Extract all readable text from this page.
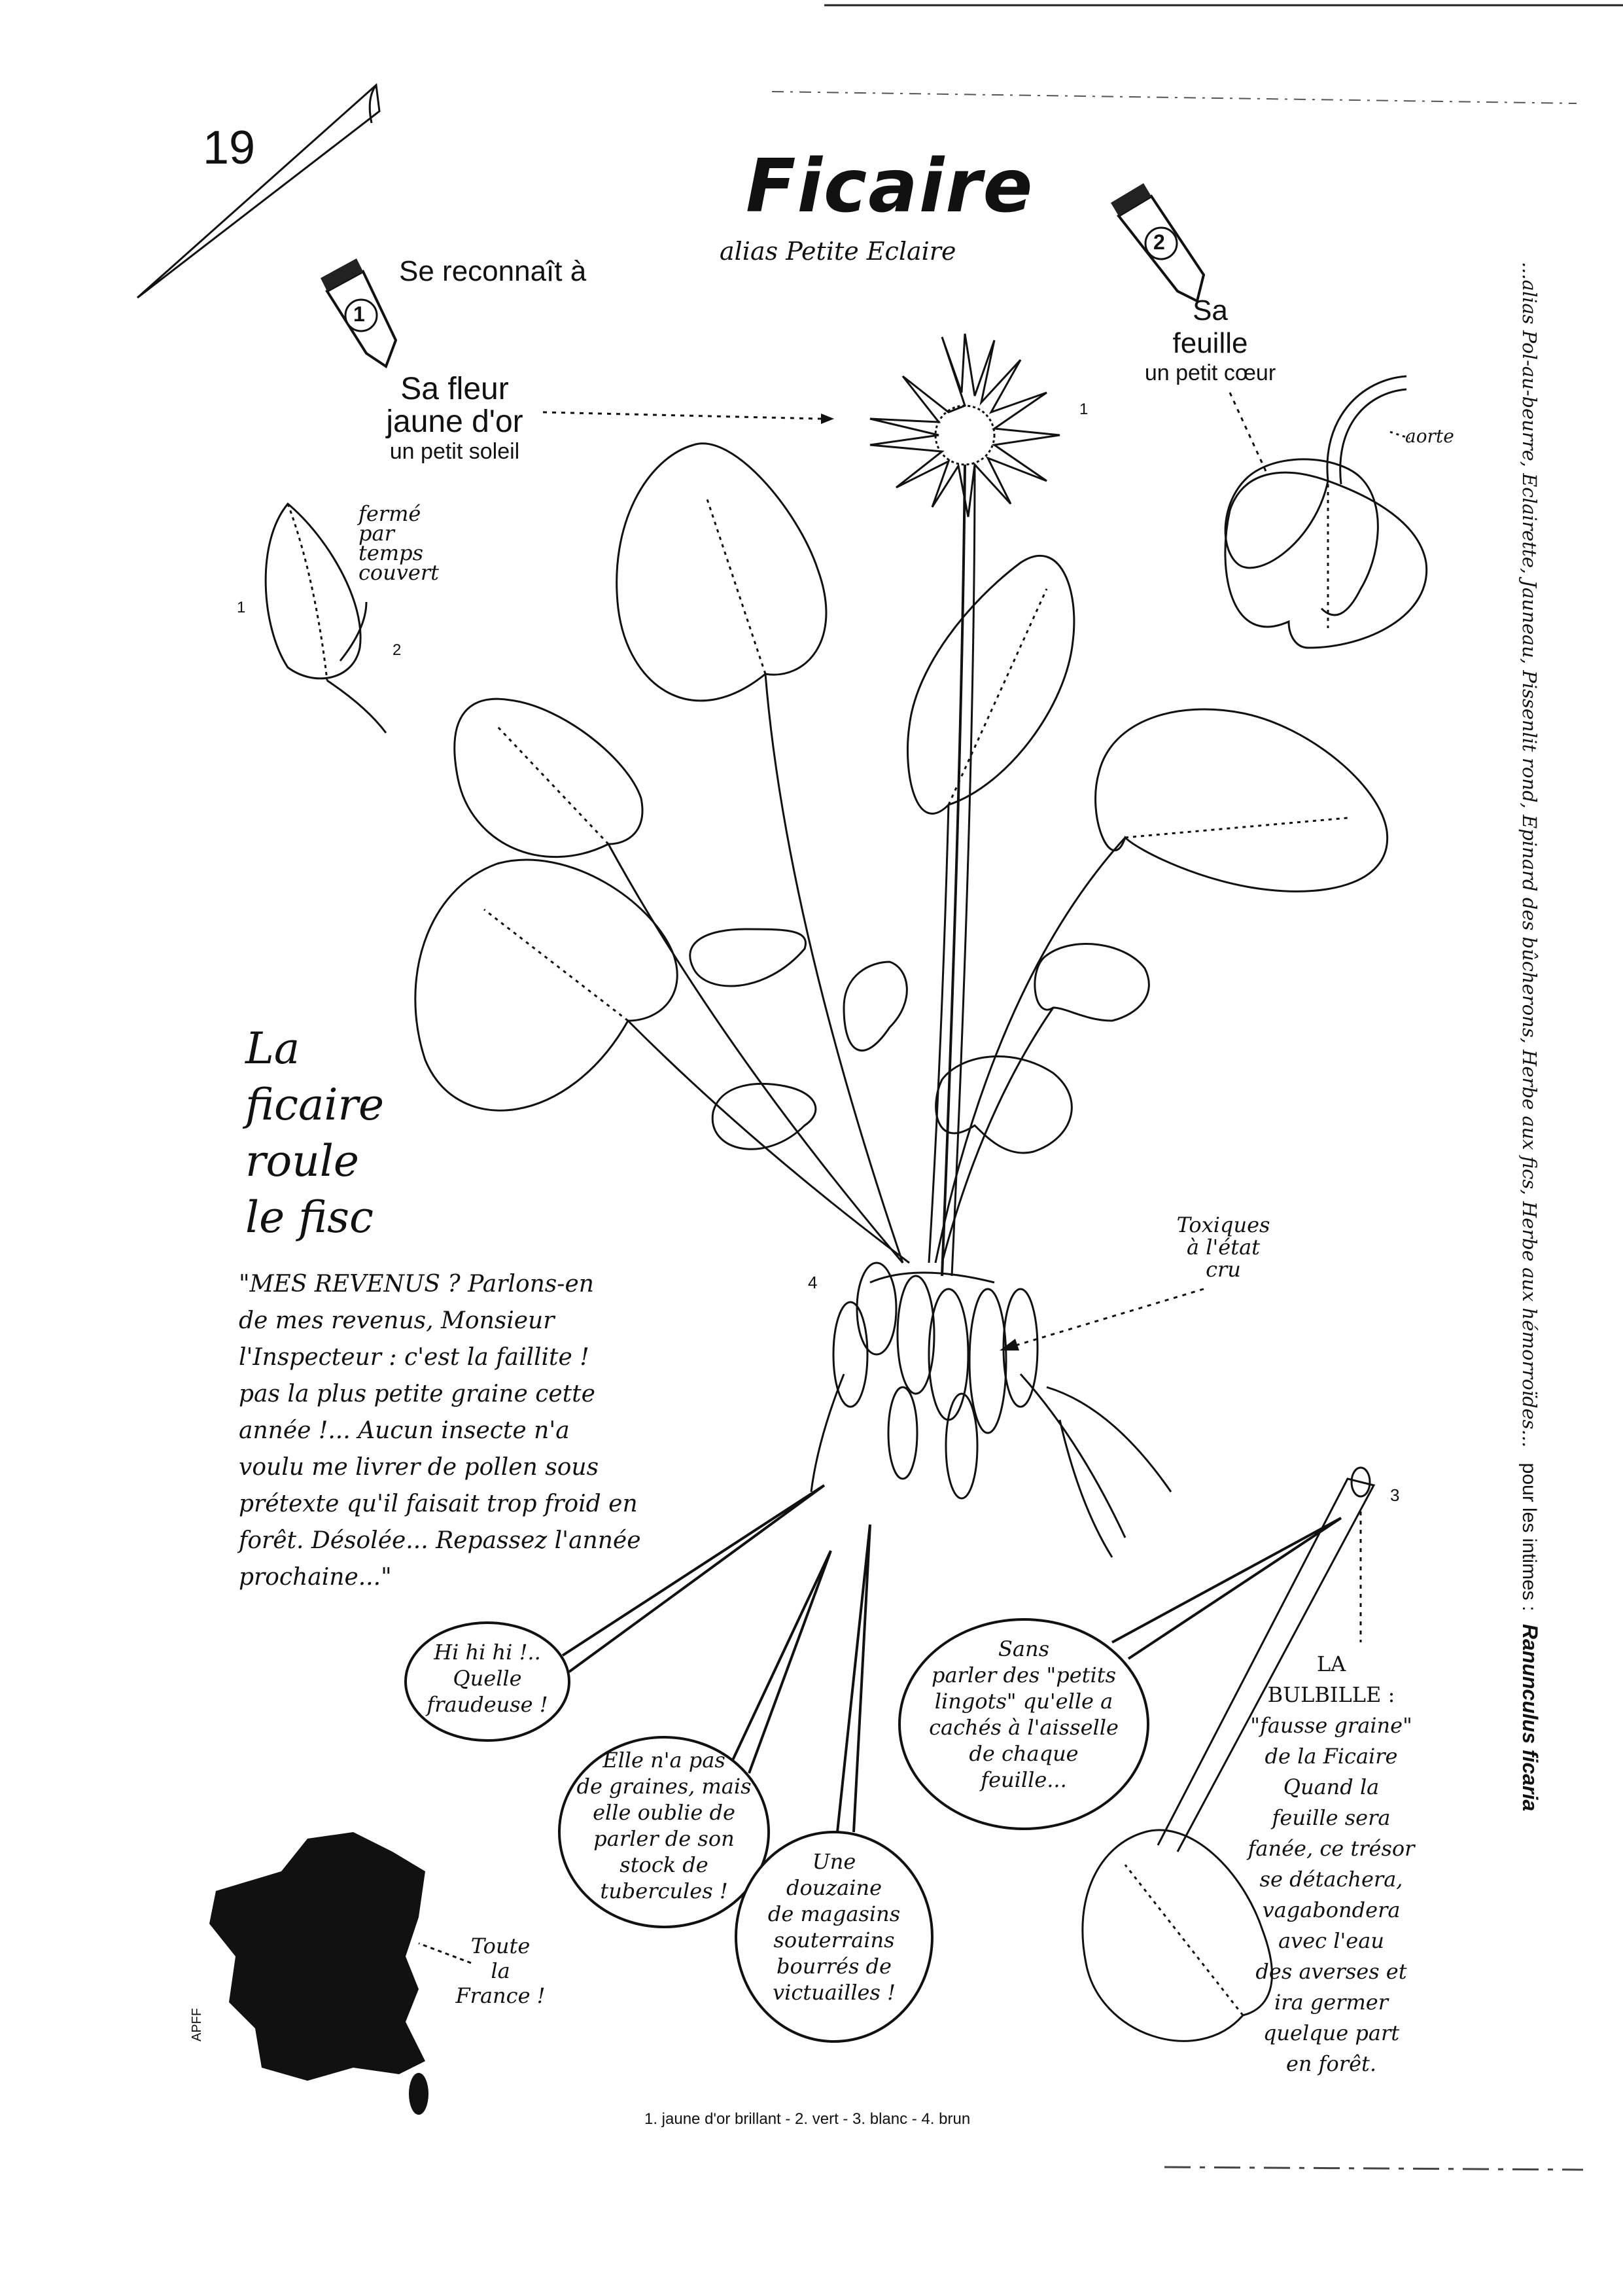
19	Ficaire
alias Petite Eclaire
Se reconnaît à
1
2
Sa fleur
jaune d'or
un petit soleil
Sa
feuille
un petit cœur
aorte
fermé
par
temps
couvert
1
2
1
4
3
Toxiques
à l'état
cru
La
ficaire
roule
le fisc
"MES REVENUS ? Parlons-en
de mes revenus, Monsieur
l'Inspecteur : c'est la faillite !
pas la plus petite graine cette
année !... Aucun insecte n'a
voulu me livrer de pollen sous
prétexte qu'il faisait trop froid en
forêt. Désolée... Repassez l'année
prochaine..."
Hi hi hi !..
Quelle
fraudeuse !
Elle n'a pas
de graines, mais
elle oublie de
parler de son
stock de
tubercules !
Une
douzaine
de magasins
souterrains
bourrés de
victuailles !
Sans
parler des "petits
lingots" qu'elle a
cachés à l'aisselle
de chaque
feuille...
LA
BULBILLE :
"fausse graine"
de la Ficaire
Quand la
feuille sera
fanée, ce trésor
se détachera,
vagabondera
avec l'eau
des averses et
ira germer
quelque part
en forêt.
Toute
la
France !
APFF
1. jaune d'or brillant - 2. vert - 3. blanc - 4. brun
...alias Pol-au-beurre, Eclairette, Jauneau, Pissenlit rond, Epinard des bûcherons, Herbe aux fics, Herbe aux hémorroïdes... pour les intimes : Ranunculus ficaria
